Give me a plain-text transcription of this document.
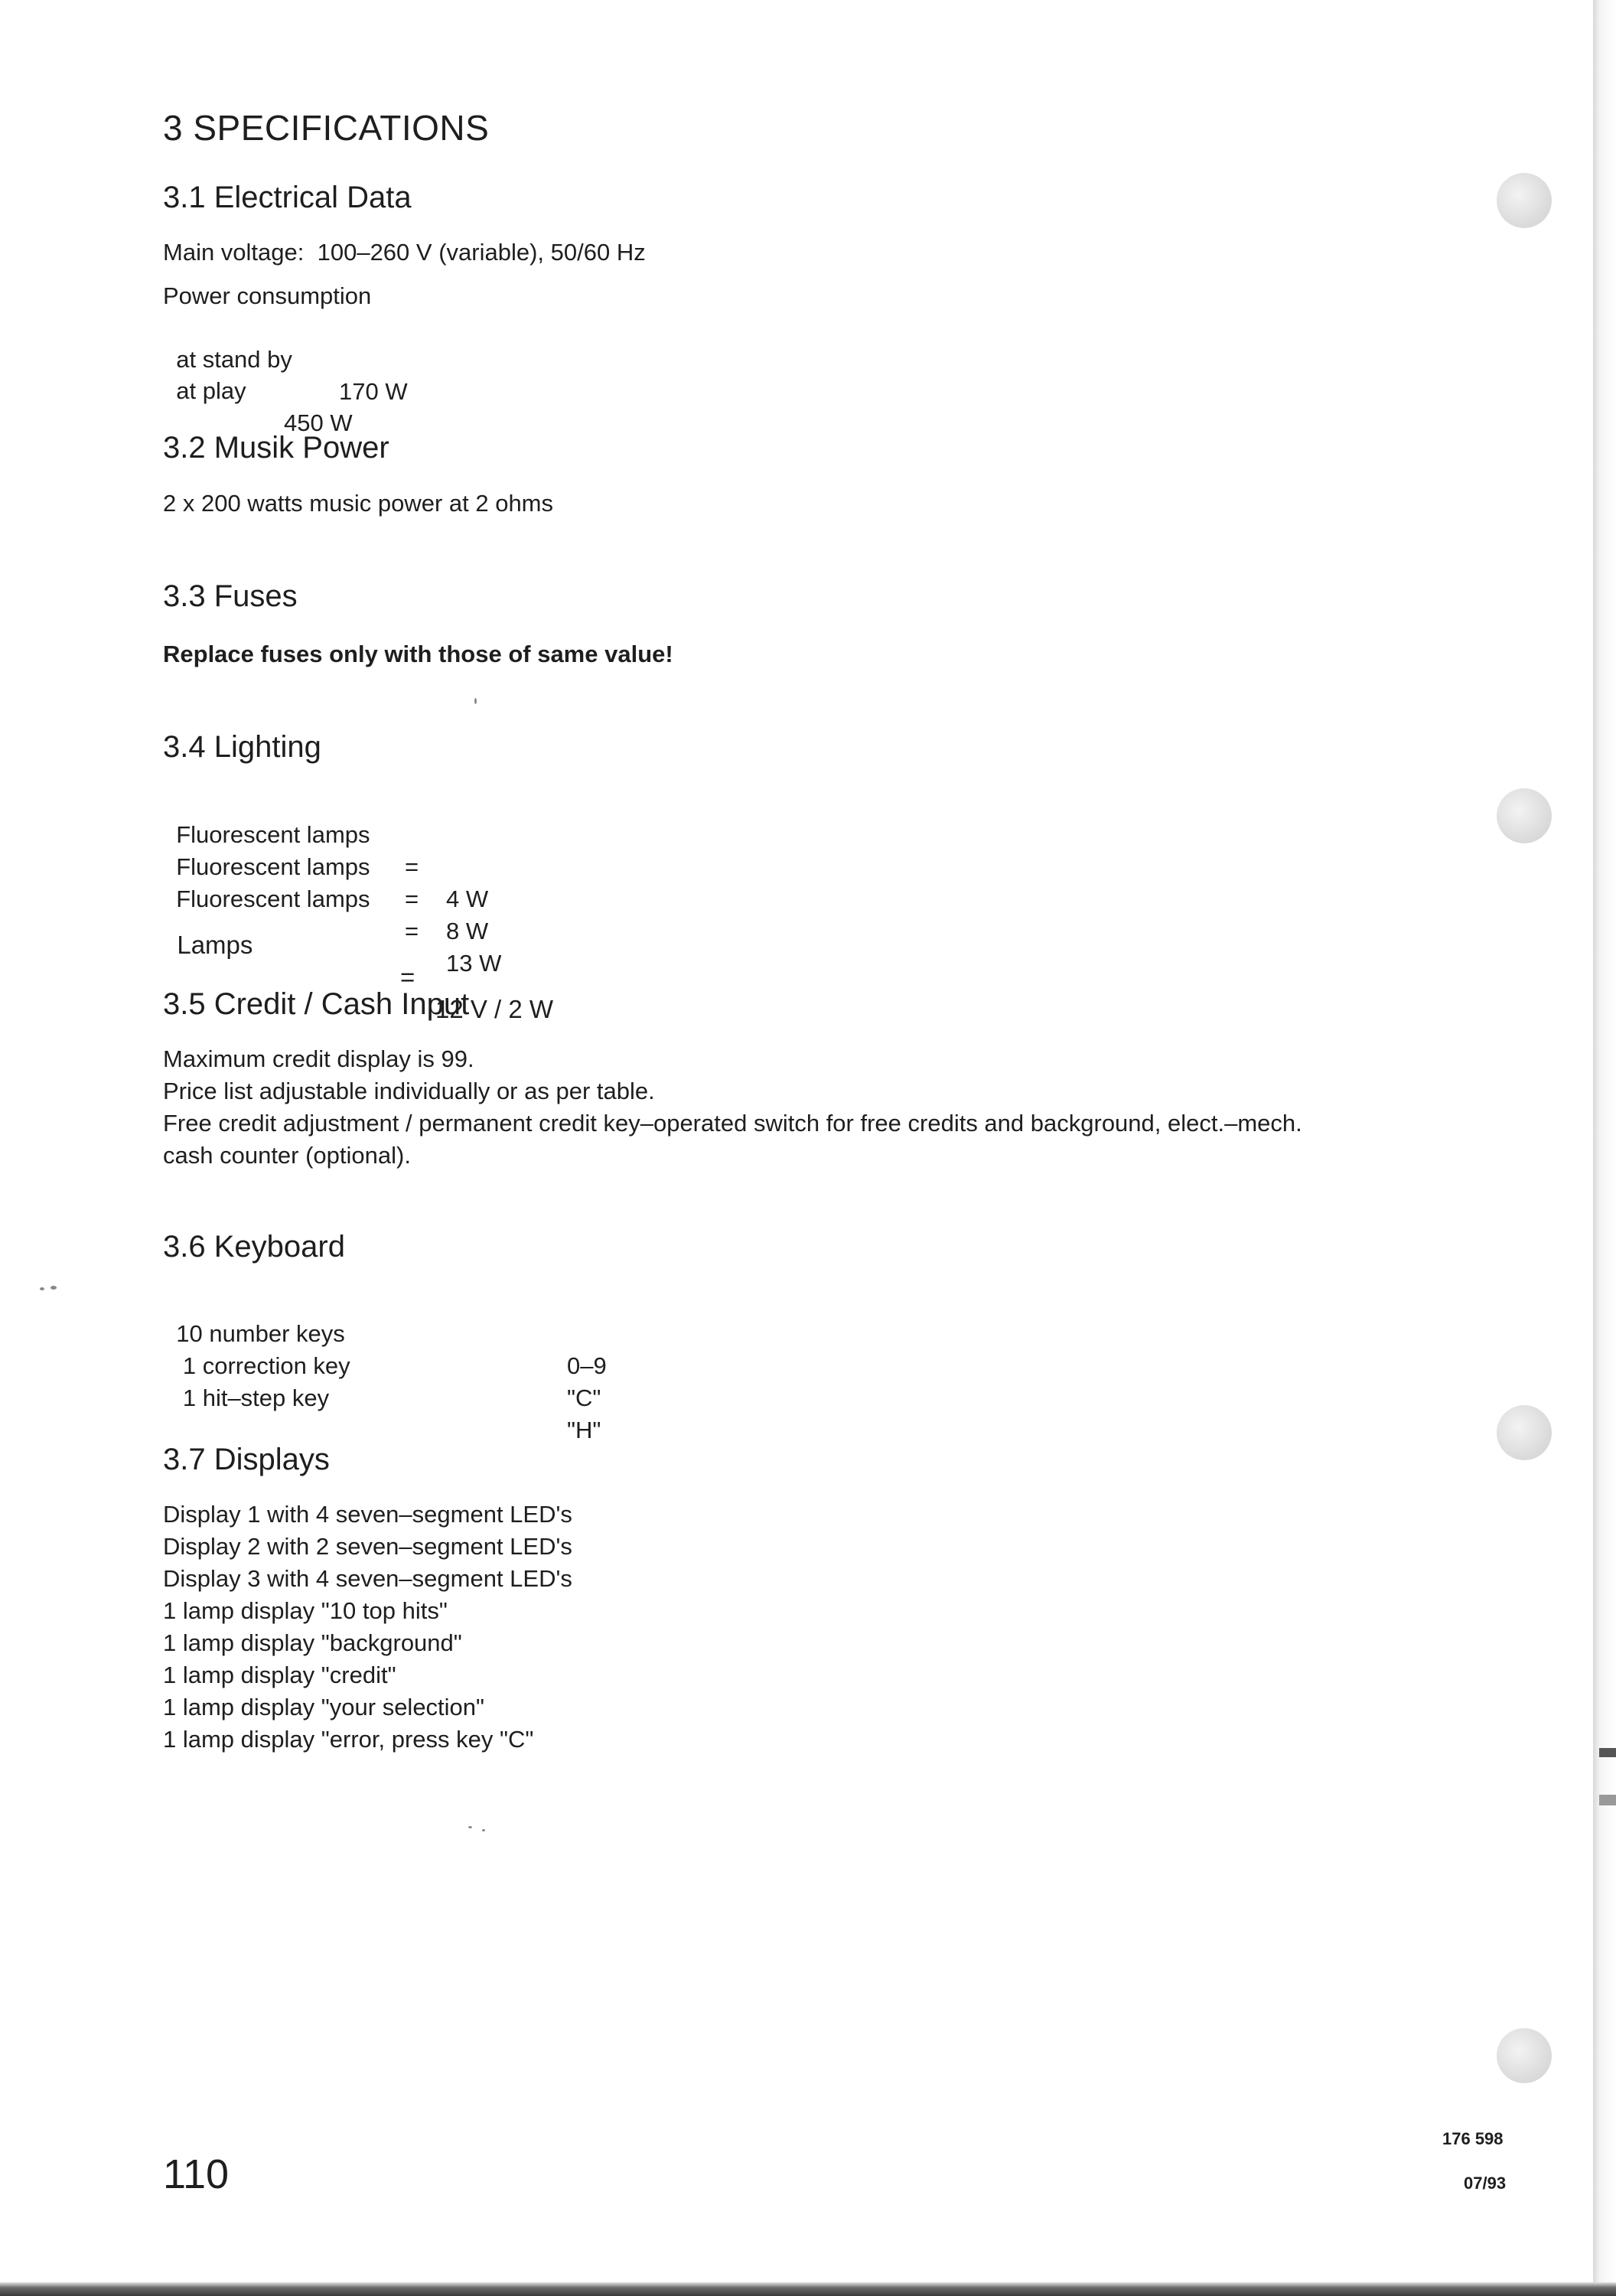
3 SPECIFICATIONS
3.1 Electrical Data

Main voltage:  100–260 V (variable), 50/60 Hz

Power consumption

at stand by

170 W

at play

450 W

3.2 Musik Power

2 x 200 watts music power at 2 ohms

3.3 Fuses

Replace fuses only with those of same value!

3.4 Lighting

Fluorescent lamps

=

4 W

Fluorescent lamps

=

8 W

Fluorescent lamps

=

13 W

Lamps

=

12 V / 2 W

3.5 Credit / Cash Input

Maximum credit display is 99.

Price list adjustable individually or as per table.

Free credit adjustment / permanent credit key–operated switch for free credits and background, elect.–mech.

cash counter (optional).

3.6 Keyboard

10 number keys

0–9

1 correction key

"C"

1 hit–step key

"H"

3.7 Displays

Display 1 with 4 seven–segment LED's

Display 2 with 2 seven–segment LED's

Display 3 with 4 seven–segment LED's

1 lamp display "10 top hits"

1 lamp display "background"

1 lamp display "credit"

1 lamp display "your selection"

1 lamp display "error, press key "C"

110
176 598
07/93
